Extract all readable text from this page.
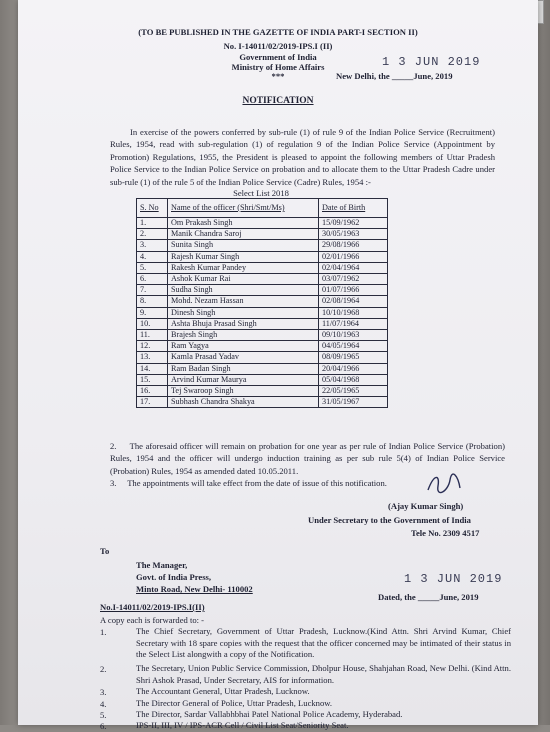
(TO BE PUBLISHED IN THE GAZETTE OF INDIA PART-I SECTION II)
No. I-14011/02/2019-IPS.I (II)
Government of India
Ministry of Home Affairs
***
1 3 JUN 2019
New Delhi, the _____June, 2019
NOTIFICATION
In exercise of the powers conferred by sub-rule (1) of rule 9 of the Indian Police Service (Recruitment) Rules, 1954, read with sub-regulation (1) of regulation 9 of the Indian Police Service (Appointment by Promotion) Regulations, 1955, the President is pleased to appoint the following members of Uttar Pradesh Police Service to the Indian Police Service on probation and to allocate them to the Uttar Pradesh Cadre under sub-rule (1) of the rule 5 of the Indian Police Service (Cadre) Rules, 1954 :-
Select List 2018
S. No	Name of the officer (Shri/Smt/Ms)	Date of Birth
1.	Om Prakash Singh	15/09/1962
2.	Manik Chandra Saroj	30/05/1963
3.	Sunita Singh	29/08/1966
4.	Rajesh Kumar Singh	02/01/1966
5.	Rakesh Kumar Pandey	02/04/1964
6.	Ashok Kumar Rai	03/07/1962
7.	Sudha Singh	01/07/1966
8.	Mohd. Nezam Hassan	02/08/1964
9.	Dinesh Singh	10/10/1968
10.	Ashta Bhuja Prasad Singh	11/07/1964
11.	Brajesh Singh	09/10/1963
12.	Ram Yagya	04/05/1964
13.	Kamla Prasad Yadav	08/09/1965
14.	Ram Badan Singh	20/04/1966
15.	Arvind Kumar Maurya	05/04/1968
16.	Tej Swaroop Singh	22/05/1965
17.	Subhash Chandra Shakya	31/05/1967
2.     The aforesaid officer will remain on probation for one year as per rule of Indian Police Service (Probation) Rules, 1954 and the officer will undergo induction training as per sub rule 5(4) of Indian Police Service (Probation) Rules, 1954 as amended dated 10.05.2011.
3.     The appointments will take effect from the date of issue of this notification.
(Ajay Kumar Singh)
Under Secretary to the Government of India
Tele No. 2309 4517
To
The Manager,
Govt. of India Press,
Minto Road, New Delhi- 110002
1 3 JUN 2019
No.I-14011/02/2019-IPS.I(II)
Dated, the _____June, 2019
A copy each is forwarded to: -
1.	The Chief Secretary, Government of Uttar Pradesh, Lucknow.(Kind Attn. Shri Arvind Kumar, Chief Secretary with 18 spare copies with the request that the officer concerned may be intimated of their status in the Select List alongwith a copy of the Notification.
2.	The Secretary, Union Public Service Commission, Dholpur House, Shahjahan Road, New Delhi. (Kind Attn. Shri Ashok Prasad, Under Secretary, AIS for information.
3.	The Accountant General, Uttar Pradesh, Lucknow.
4.	The Director General of Police, Uttar Pradesh, Lucknow.
5.	The Director, Sardar Vallabhbhai Patel National Police Academy, Hyderabad.
6.	IPS-II, III, IV / IPS-ACR Cell / Civil List Seat/Seniority Seat.
